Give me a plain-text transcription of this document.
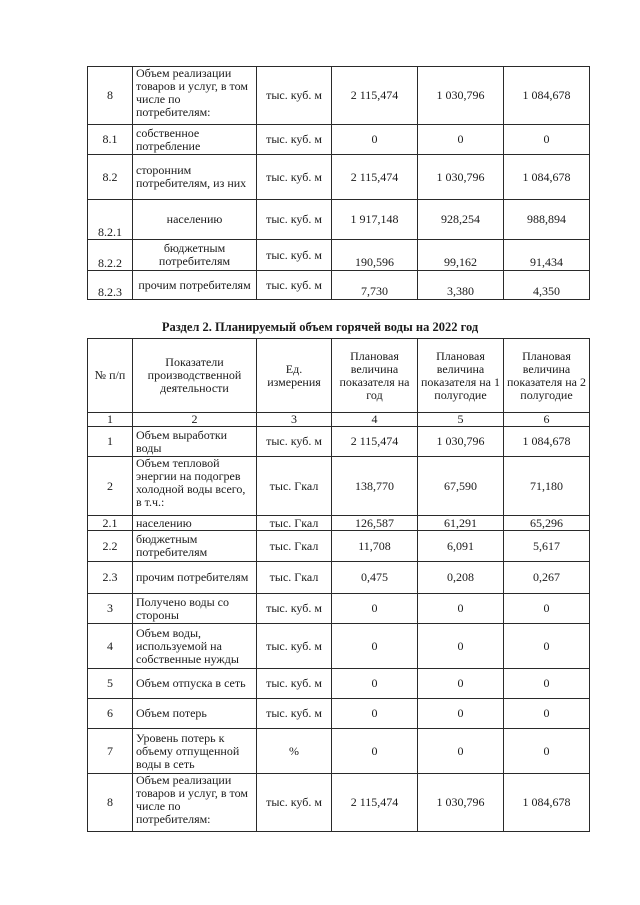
8	Объем реализации товаров и услуг, в том числе по потребителям:	тыс. куб. м	2 115,474	1 030,796	1 084,678
8.1	собственное потребление	тыс. куб. м	0	0	0
8.2	сторонним потребителям, из них	тыс. куб. м	2 115,474	1 030,796	1 084,678
8.2.1	населению	тыс. куб. м	1 917,148	928,254	988,894
8.2.2	бюджетным потребителям	тыс. куб. м	190,596	99,162	91,434
8.2.3	прочим потребителям	тыс. куб. м	7,730	3,380	4,350
Раздел 2. Планируемый объем горячей воды на 2022 год
№ п/п	Показатели производственной деятельности	Ед. измерения	Плановая величина показателя на год	Плановая величина показателя на 1 полугодие	Плановая величина показателя на 2 полугодие
1	2	3	4	5	6
1	Объем выработки воды	тыс. куб. м	2 115,474	1 030,796	1 084,678
2	Объем тепловой энергии на подогрев холодной воды всего, в т.ч.:	тыс. Гкал	138,770	67,590	71,180
2.1	населению	тыс. Гкал	126,587	61,291	65,296
2.2	бюджетным потребителям	тыс. Гкал	11,708	6,091	5,617
2.3	прочим потребителям	тыс. Гкал	0,475	0,208	0,267
3	Получено воды со стороны	тыс. куб. м	0	0	0
4	Объем воды, используемой на собственные нужды	тыс. куб. м	0	0	0
5	Объем отпуска в сеть	тыс. куб. м	0	0	0
6	Объем потерь	тыс. куб. м	0	0	0
7	Уровень потерь к объему отпущенной воды в сеть	%	0	0	0
8	Объем реализации товаров и услуг, в том числе по потребителям:	тыс. куб. м	2 115,474	1 030,796	1 084,678
